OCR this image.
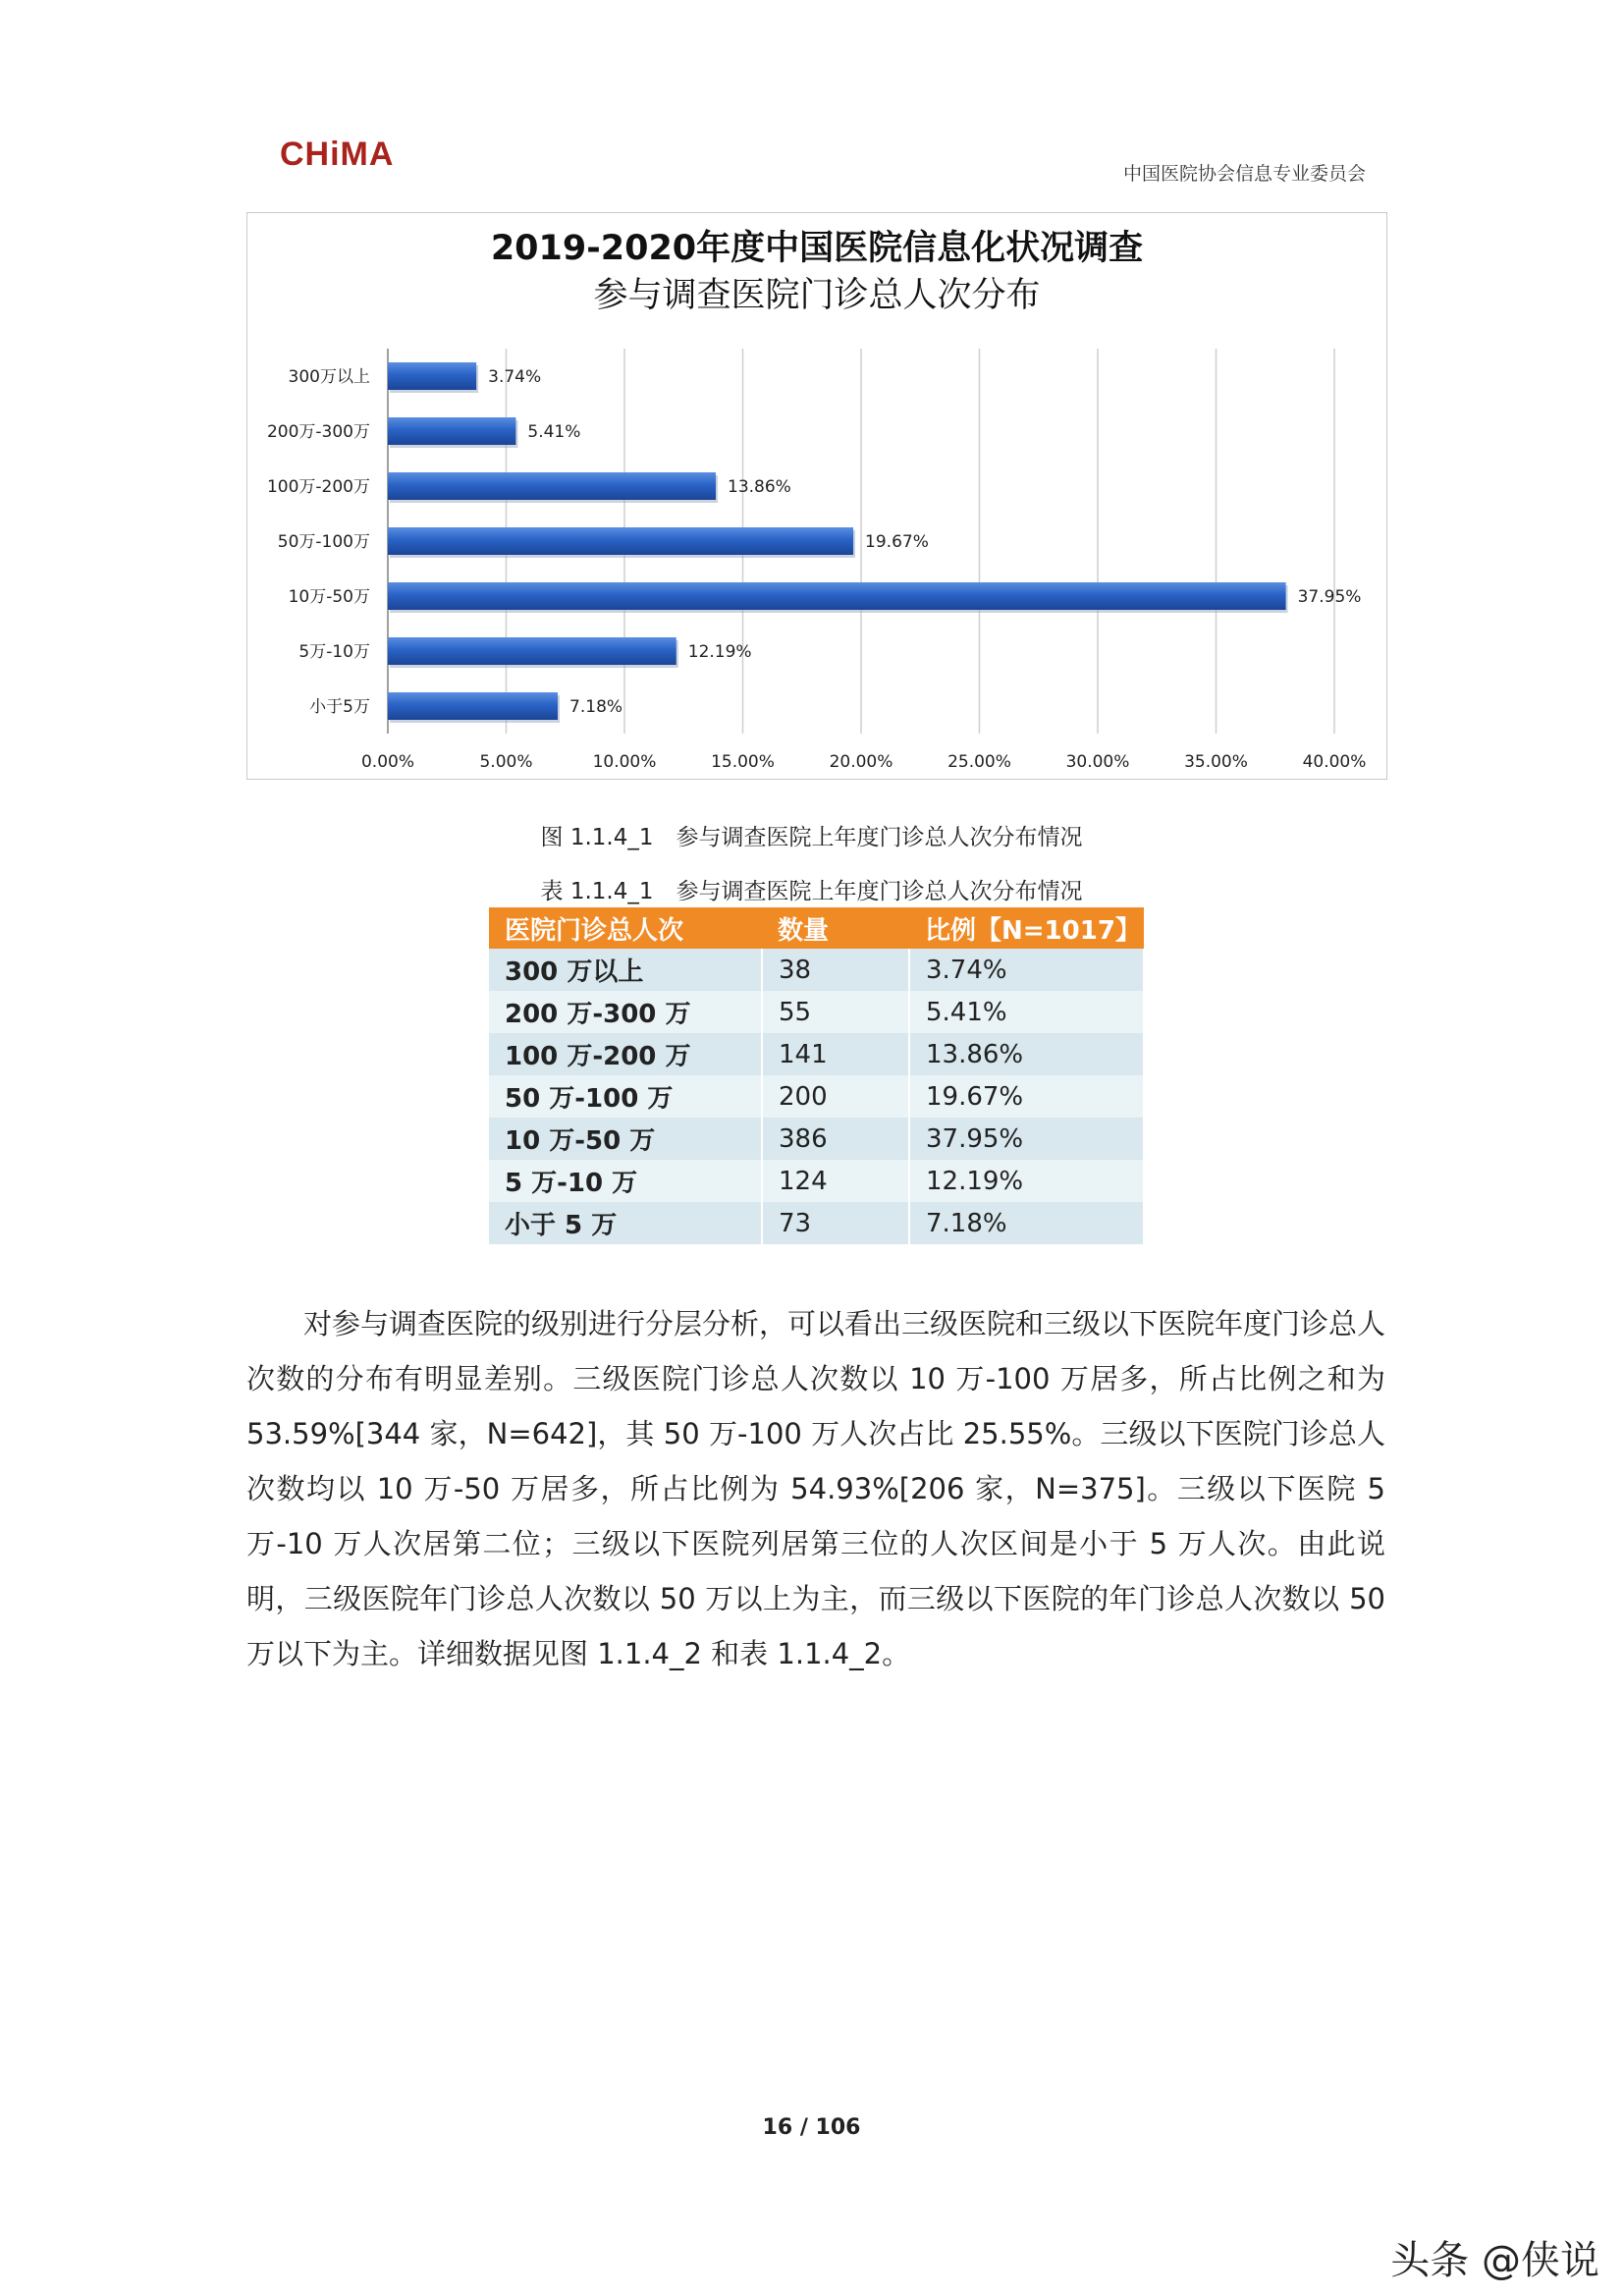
CHiMA
中国医院协会信息专业委员会
2019-2020年度中国医院信息化状况调查
参与调查医院门诊总人次分布
0.00%	5.00%	10.00%	15.00%	20.00%	25.00%	30.00%	35.00%	40.00%
300万以上	3.74%
200万-300万	5.41%
100万-200万	13.86%
50万-100万	19.67%
10万-50万	37.95%
5万-10万	12.19%
小于5万	7.18%
图 1.1.4_1　参与调查医院上年度门诊总人次分布情况
表 1.1.4_1　参与调查医院上年度门诊总人次分布情况
医院门诊总人次	数量	比例【N=1017】
300 万以上	38	3.74%
200 万-300 万	55	5.41%
100 万-200 万	141	13.86%
50 万-100 万	200	19.67%
10 万-50 万	386	37.95%
5 万-10 万	124	12.19%
小于 5 万	73	7.18%
对参与调查医院的级别进行分层分析，可以看出三级医院和三级以下医院年度门诊总人次数的分布有明显差别。三级医院门诊总人次数以 10 万-100 万居多，所占比例之和为 53.59%[344 家，N=642]，其 50 万-100 万人次占比 25.55%。三级以下医院门诊总人次数均以 10 万-50 万居多，所占比例为 54.93%[206 家，N=375]。三级以下医院 5 万-10 万人次居第二位；三级以下医院列居第三位的人次区间是小于 5 万人次。由此说明，三级医院年门诊总人次数以 50 万以上为主，而三级以下医院的年门诊总人次数以 50 万以下为主。详细数据见图 1.1.4_2 和表 1.1.4_2。
16 / 106
头条 @侠说
